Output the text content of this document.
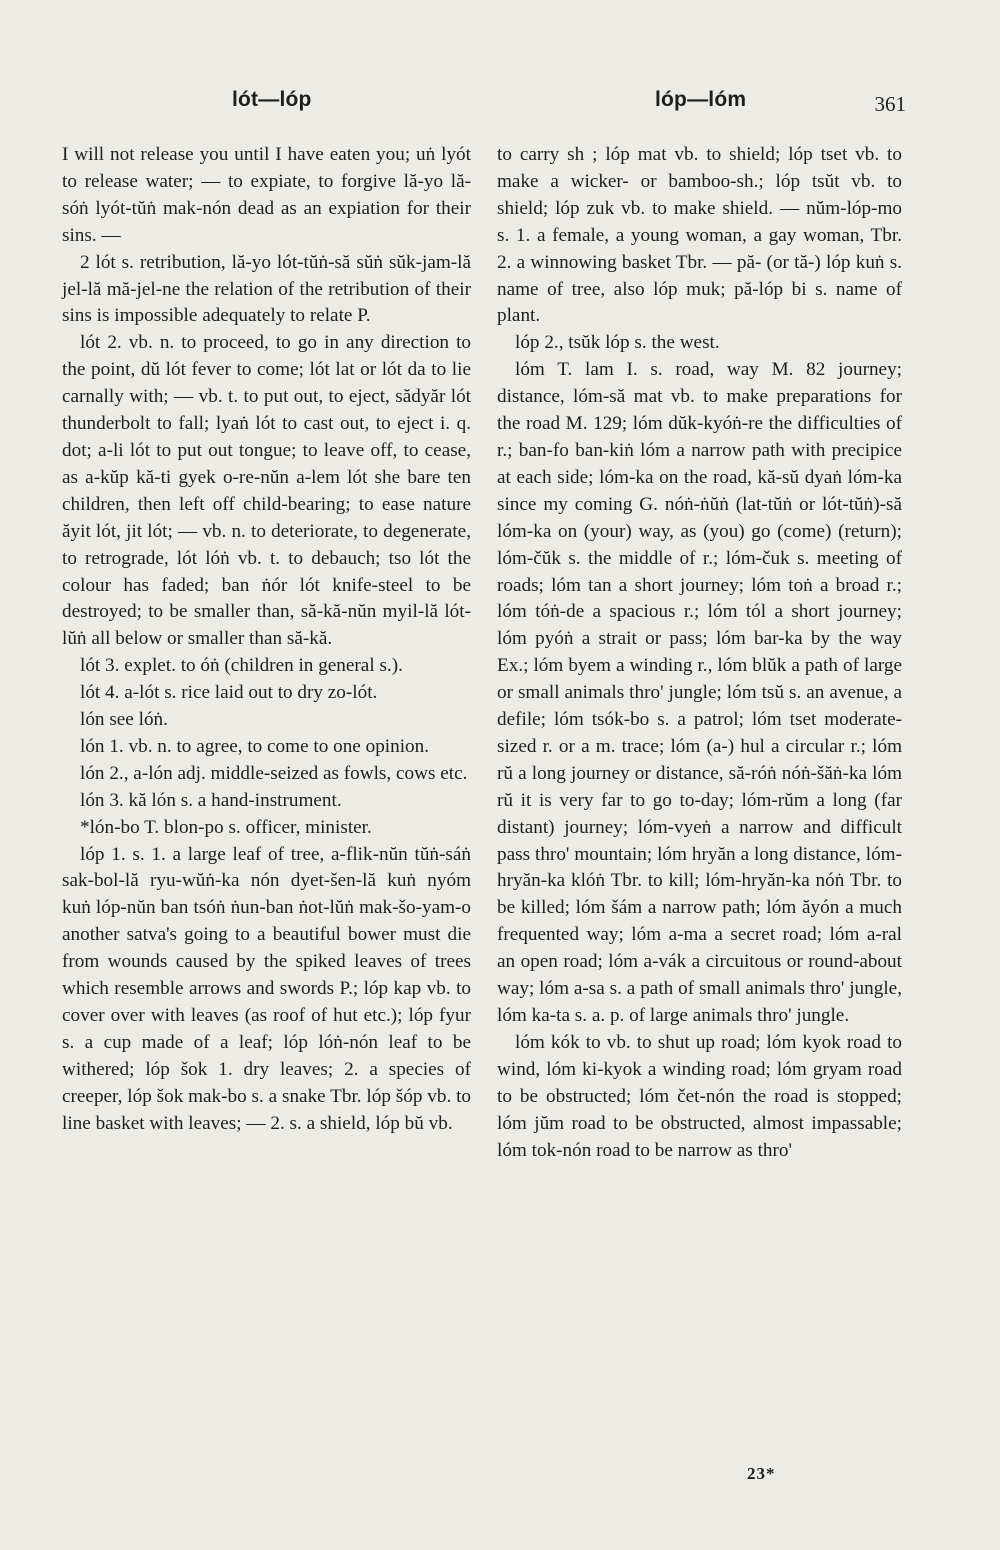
lót—lóp	lóp—lóm	361

I will not release you until I have eaten you; uṅ lyót to release water; — to expiate, to forgive lă-yo lă-sóṅ lyót-tŭṅ mak-nón dead as an expiation for their sins. —

2 lót s. retribution, lă-yo lót-tŭṅ-să sŭṅ sŭk-jam-lă jel-lă mă-jel-ne the relation of the retribution of their sins is impossible adequately to relate P.

lót 2. vb. n. to proceed, to go in any direction to the point, dŭ lót fever to come; lót lat or lót da to lie carnally with; — vb. t. to put out, to eject, sădyăr lót thunderbolt to fall; lyaṅ lót to cast out, to eject i. q. dot; a-li lót to put out tongue; to leave off, to cease, as a-kŭp kă-ti gyek o-re-nŭn a-lem lót she bare ten children, then left off child-bearing; to ease nature ăyit lót, jit lót; — vb. n. to deteriorate, to degenerate, to retrograde, lót lóṅ vb. t. to debauch; tso lót the colour has faded; ban ṅór lót knife-steel to be destroyed; to be smaller than, să-kă-nŭn myil-lă lót-lŭṅ all below or smaller than să-kă.

lót 3. explet. to óṅ (children in general s.).

lót 4. a-lót s. rice laid out to dry zo-lót.

lón see lóṅ.

lón 1. vb. n. to agree, to come to one opinion.

lón 2., a-lón adj. middle-seized as fowls, cows etc.

lón 3. kă lón s. a hand-instrument.

*lón-bo T. blon-po s. officer, minister.

lóp 1. s. 1. a large leaf of tree, a-flik-nŭn tŭṅ-sáṅ sak-bol-lă ryu-wŭṅ-ka nón dyet-šen-lă kuṅ nyóm kuṅ lóp-nŭn ban tsóṅ ṅun-ban ṅot-lŭṅ mak-šo-yam-o another satva's going to a beautiful bower must die from wounds caused by the spiked leaves of trees which resemble arrows and swords P.; lóp kap vb. to cover over with leaves (as roof of hut etc.); lóp fyur s. a cup made of a leaf; lóp lóṅ-nón leaf to be withered; lóp šok 1. dry leaves; 2. a species of creeper, lóp šok mak-bo s. a snake Tbr. lóp šóp vb. to line basket with leaves; — 2. s. a shield, lóp bŭ vb.

to carry sh ; lóp mat vb. to shield; lóp tset vb. to make a wicker- or bamboo-sh.; lóp tsŭt vb. to shield; lóp zuk vb. to make shield. — nŭm-lóp-mo s. 1. a female, a young woman, a gay woman, Tbr. 2. a winnowing basket Tbr. — pă- (or tă-) lóp kuṅ s. name of tree, also lóp muk; pă-lóp bi s. name of plant.

lóp 2., tsŭk lóp s. the west.

lóm T. lam I. s. road, way M. 82 journey; distance, lóm-să mat vb. to make preparations for the road M. 129; lóm dŭk-kyóṅ-re the difficulties of r.; ban-fo ban-kiṅ lóm a narrow path with precipice at each side; lóm-ka on the road, kă-sŭ dyaṅ lóm-ka since my coming G. nóṅ-ṅŭṅ (lat-tŭṅ or lót-tŭṅ)-să lóm-ka on (your) way, as (you) go (come) (return); lóm-čŭk s. the middle of r.; lóm-čuk s. meeting of roads; lóm tan a short journey; lóm toṅ a broad r.; lóm tóṅ-de a spacious r.; lóm tól a short journey; lóm pyóṅ a strait or pass; lóm bar-ka by the way Ex.; lóm byem a winding r., lóm blŭk a path of large or small animals thro' jungle; lóm tsŭ s. an avenue, a defile; lóm tsók-bo s. a patrol; lóm tset moderate-sized r. or a m. trace; lóm (a-) hul a circular r.; lóm rŭ a long journey or distance, să-róṅ nóṅ-šăṅ-ka lóm rŭ it is very far to go to-day; lóm-rŭm a long (far distant) journey; lóm-vyeṅ a narrow and difficult pass thro' mountain; lóm hryăn a long distance, lóm-hryăn-ka klóṅ Tbr. to kill; lóm-hryăn-ka nóṅ Tbr. to be killed; lóm šám a narrow path; lóm ăyón a much frequented way; lóm a-ma a secret road; lóm a-ral an open road; lóm a-vák a circuitous or round-about way; lóm a-sa s. a path of small animals thro' jungle, lóm ka-ta s. a. p. of large animals thro' jungle.

lóm kók to vb. to shut up road; lóm kyok road to wind, lóm ki-kyok a winding road; lóm gryam road to be obstructed; lóm čet-nón the road is stopped; lóm jŭm road to be obstructed, almost impassable; lóm tok-nón road to be narrow as thro'

23*
